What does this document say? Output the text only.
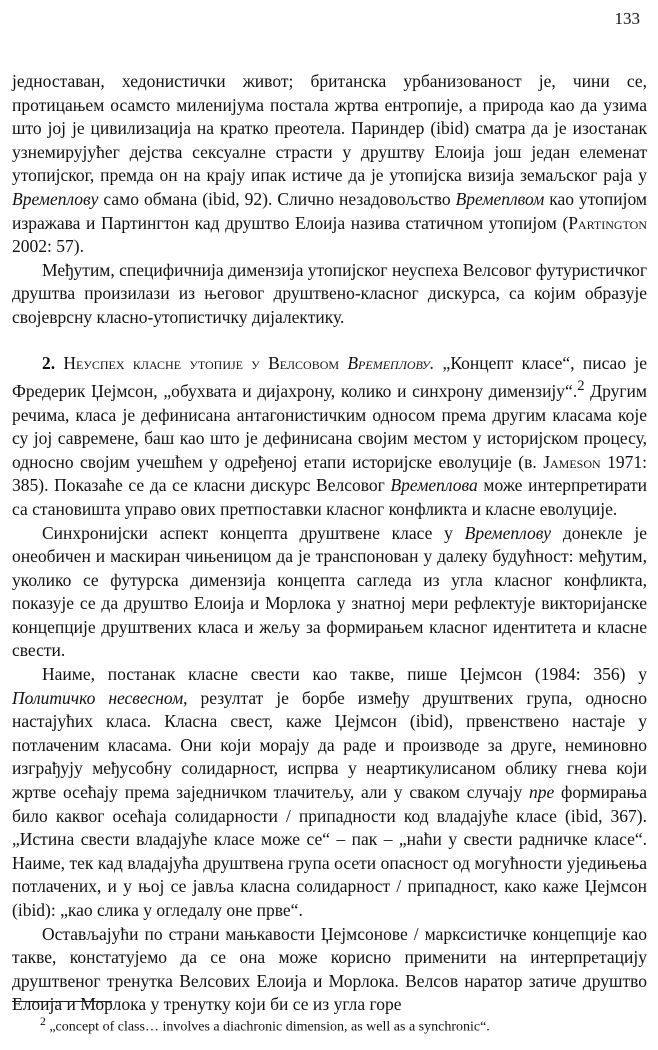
133

једноставан, хедонистички живот; британска урбанизованост је, чини се, протицањем осамсто миленијума постала жртва ентропије, а природа као да узима што јој је цивилизација на кратко преотела. Париндер (ibid) сматра да је изостанак узнемирујућег дејства сексуалне страсти у друштву Елоија још један елеменат утопијског, премда он на крају ипак истиче да је утопијска визија земаљског раја у Времеплову само обмана (ibid, 92). Слично незадовољство Времеплвом као утопијом изражава и Партингтон кад друштво Елоија назива статичном утопијом (Partington 2002: 57).

Међутим, специфичнија димензија утопијског неуспеха Велсовог футуристичког друштва произилази из његовог друштвено-класног дискурса, са којим образује својеврсну класно-утопистичку дијалектику.

2. Неуспех класне утопије у Велсовом Времеплову. „Концепт класе“, писао је Фредерик Џејмсон, „обухвата и дијахрону, колико и синхрону димензију“.$^2$ Другим речима, класа је дефинисана антагонистичким односом према другим класама које су јој савремене, баш као што је дефинисана својим местом у историјском процесу, односно својим учешћем у одређеној етапи историјске еволуције (в. Jameson 1971: 385). Показаће се да се класни дискурс Велсовог Времеплова може интерпретирати са становишта управо ових претпоставки класног конфликта и класне еволуције.

Синхронијски аспект концепта друштвене класе у Времеплову донекле је онеобичен и маскиран чињеницом да је транспонован у далеку будућност: међутим, уколико се футурска димензија концепта сагледа из угла класног конфликта, показује се да друштво Елоија и Морлока у знатној мери рефлектује викторијанске концепције друштвених класа и жељу за формирањем класног идентитета и класне свести.

Наиме, постанак класне свести као такве, пише Џејмсон (1984: 356) у Политичко несвесном, резултат је борбе између друштвених група, односно настајућих класа. Класна свест, каже Џејмсон (ibid), првенствено настаје у потлаченим класама. Они који морају да раде и производе за друге, неминовно изграђују међусобну солидарност, испрва у неартикулисаном облику гнева који жртве осећају према заједничком тлачитељу, али у сваком случају пре формирања било каквог осећаја солидарности / припадности код владајуће класе (ibid, 367). „Истина свести владајуће класе може се“ – пак – „наћи у свести радничке класе“. Наиме, тек кад владајућа друштвена група осети опасност од могућности уједињења потлачених, и у њој се јавља класна солидарност / припадност, како каже Џејмсон (ibid): „као слика у огледалу оне прве“.

Остављајући по страни мањкавости Џејмсонове / марксистичке концепције као такве, констатујемо да се она може корисно применити на интерпретацију друштвеног тренутка Велсових Елоија и Морлока. Велсов наратор затиче друштво Елоија и Морлока у тренутку који би се из угла горе

$^2$ „concept of class… involves a diachronic dimension, as well as a synchronic“.
